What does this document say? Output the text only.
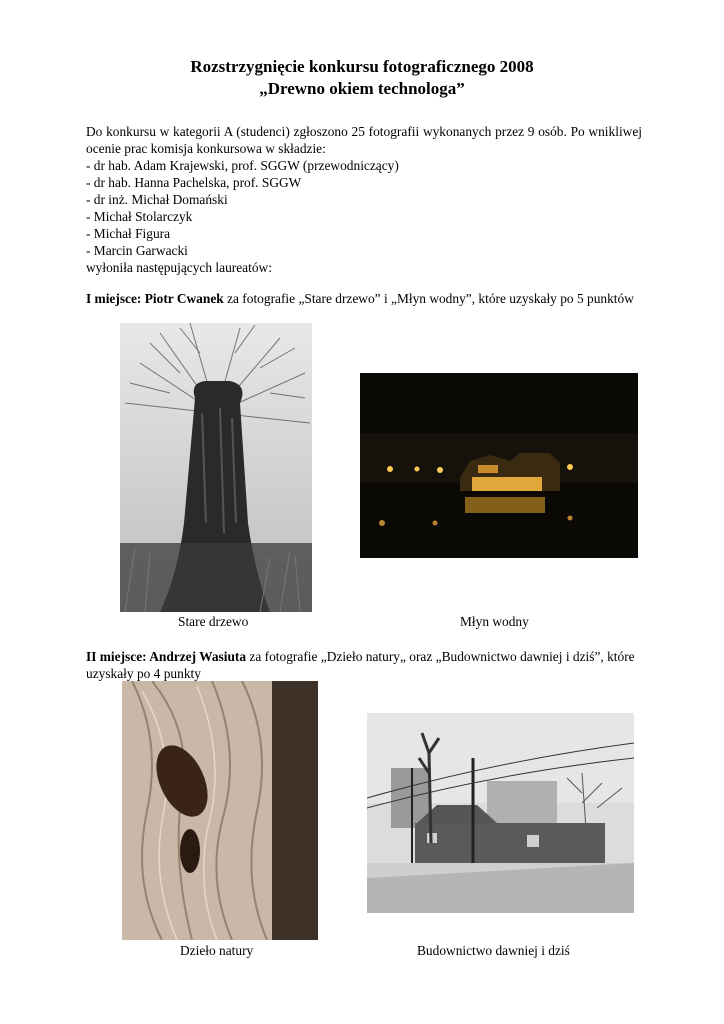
Rozstrzygnięcie konkursu fotograficznego 2008
„Drewno okiem technologa”

Do konkursu w kategorii A (studenci) zgłoszono 25 fotografii wykonanych przez 9 osób. Po wnikliwej ocenie prac komisja konkursowa w składzie:

- dr hab. Adam Krajewski, prof. SGGW (przewodniczący)

- dr hab. Hanna Pachelska, prof. SGGW

- dr inż. Michał Domański

- Michał Stolarczyk

- Michał Figura

- Marcin Garwacki

wyłoniła następujących laureatów:

I miejsce: Piotr Cwanek za fotografie „Stare drzewo” i „Młyn wodny”, które uzyskały po 5 punktów

Stare drzewo	Młyn wodny

II miejsce: Andrzej Wasiuta za fotografie „Dzieło natury„ oraz „Budownictwo dawniej i dziś”, które uzyskały po 4 punkty

Dzieło natury	Budownictwo dawniej i dziś
